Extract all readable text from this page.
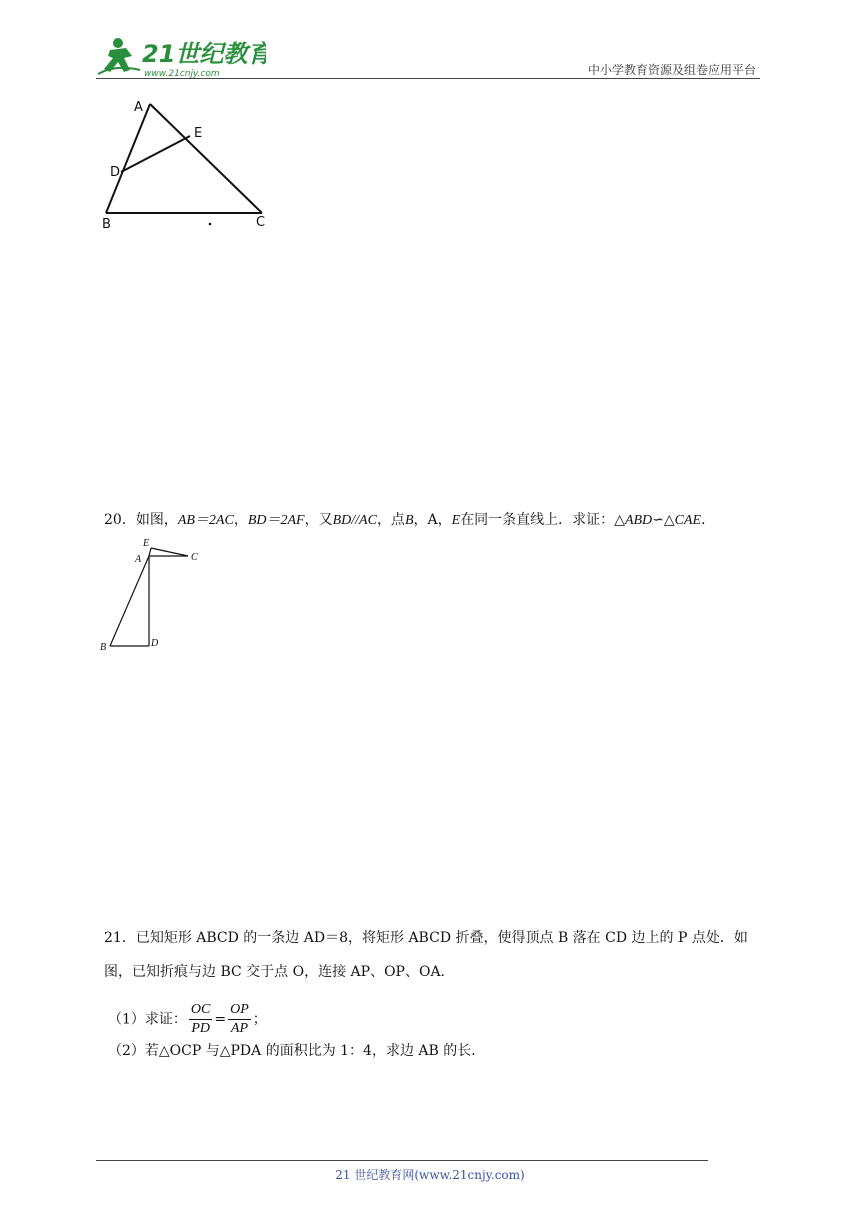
21世纪教育
www.21cnjy.com	中小学教育资源及组卷应用平台
A
E
D
B	C
20．如图，AB＝2AC，BD＝2AF，又BD//AC，点B，A，E在同一条直线上．求证：△ABD∽△CAE．
E
A	C
B	D
21．已知矩形 ABCD 的一条边 AD＝8，将矩形 ABCD 折叠，使得顶点 B 落在 CD 边上的 P 点处．如
图，已知折痕与边 BC 交于点 O，连接 AP、OP、OA．
（1）求证： $\frac{OC}{PD} = \frac{OP}{AP}$ ；
（2）若△OCP 与△PDA 的面积比为 1：4，求边 AB 的长．
21 世纪教育网(www.21cnjy.com)
